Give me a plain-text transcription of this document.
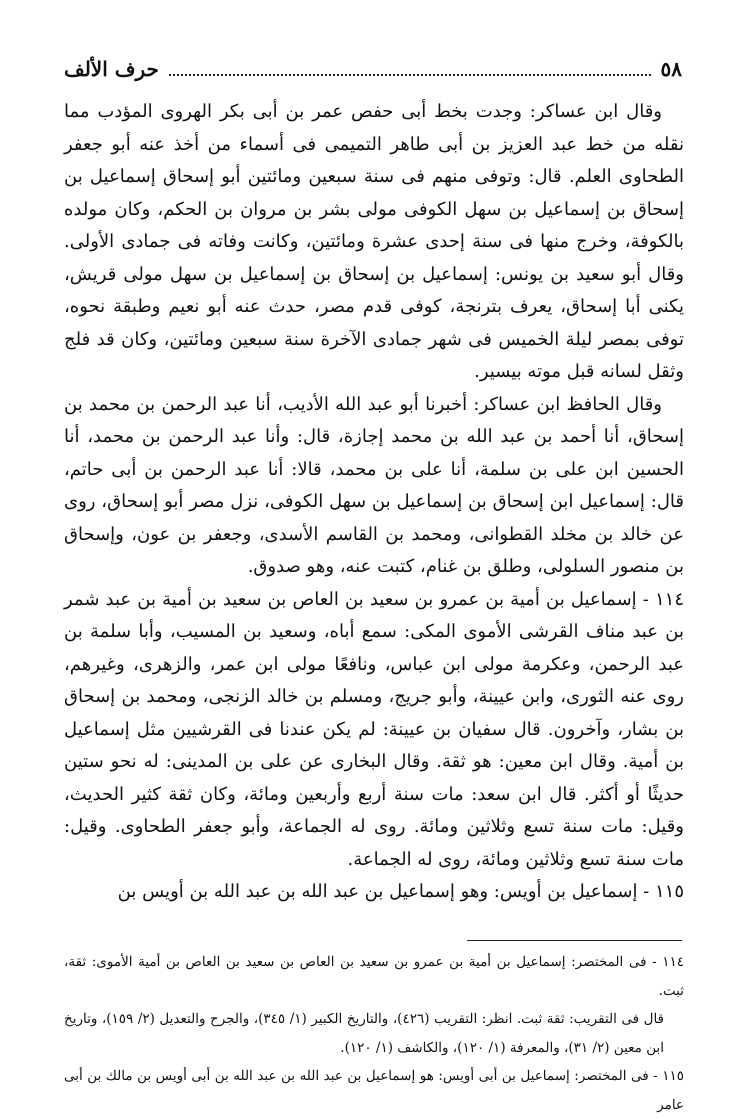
٥٨
حرف الألف

وقال ابن عساكر: وجدت بخط أبى حفص عمر بن أبى بكر الهروى المؤدب مما نقله من خط عبد العزيز بن أبى طاهر التميمى فى أسماء من أخذ عنه أبو جعفر الطحاوى العلم. قال: وتوفى منهم فى سنة سبعين ومائتين أبو إسحاق إسماعيل بن إسحاق بن إسماعيل بن سهل الكوفى مولى بشر بن مروان بن الحكم، وكان مولده بالكوفة، وخرج منها فى سنة إحدى عشرة ومائتين، وكانت وفاته فى جمادى الأولى. وقال أبو سعيد بن يونس: إسماعيل بن إسحاق بن إسماعيل بن سهل مولى قريش، يكنى أبا إسحاق، يعرف بترنجة، كوفى قدم مصر، حدث عنه أبو نعيم وطبقة نحوه، توفى بمصر ليلة الخميس فى شهر جمادى الآخرة سنة سبعين ومائتين، وكان قد فلج وثقل لسانه قبل موته بيسير.

وقال الحافظ ابن عساكر: أخبرنا أبو عبد الله الأديب، أنا عبد الرحمن بن محمد بن إسحاق، أنا أحمد بن عبد الله بن محمد إجازة، قال: وأنا عبد الرحمن بن محمد، أنا الحسين ابن على بن سلمة، أنا على بن محمد، قالا: أنا عبد الرحمن بن أبى حاتم، قال: إسماعيل ابن إسحاق بن إسماعيل بن سهل الكوفى، نزل مصر أبو إسحاق، روى عن خالد بن مخلد القطوانى، ومحمد بن القاسم الأسدى، وجعفر بن عون، وإسحاق بن منصور السلولى، وطلق بن غنام، كتبت عنه، وهو صدوق.

١١٤ - إسماعيل بن أمية بن عمرو بن سعيد بن العاص بن سعيد بن أمية بن عبد شمر بن عبد مناف القرشى الأموى المكى: سمع أباه، وسعيد بن المسيب، وأبا سلمة بن عبد الرحمن، وعكرمة مولى ابن عباس، ونافعًا مولى ابن عمر، والزهرى، وغيرهم، روى عنه الثورى، وابن عيينة، وأبو جريج، ومسلم بن خالد الزنجى، ومحمد بن إسحاق بن بشار، وآخرون. قال سفيان بن عيينة: لم يكن عندنا فى القرشيين مثل إسماعيل بن أمية. وقال ابن معين: هو ثقة. وقال البخارى عن على بن المدينى: له نحو ستين حديثًا أو أكثر. قال ابن سعد: مات سنة أربع وأربعين ومائة، وكان ثقة كثير الحديث، وقيل: مات سنة تسع وثلاثين ومائة. روى له الجماعة، وأبو جعفر الطحاوى. وقيل: مات سنة تسع وثلاثين ومائة، روى له الجماعة.

١١٥ - إسماعيل بن أويس: وهو إسماعيل بن عبد الله بن عبد الله بن أويس بن

١١٤ - فى المختصر: إسماعيل بن أمية بن عمرو بن سعيد بن العاص بن سعيد بن العاص بن أمية الأموى: ثقة، ثبت.

قال فى التقريب: ثقة ثبت. انظر: التقريب (٤٢٦)، والتاريخ الكبير (١/ ٣٤٥)، والجرح والتعديل (٢/ ١٥٩)، وتاريخ ابن معين (٢/ ٣١)، والمعرفة (١/ ١٢٠)، والكاشف (١/ ١٢٠).

١١٥ - فى المختصر: إسماعيل بن أبى أويس: هو إسماعيل بن عبد الله بن عبد الله بن أبى أويس بن مالك بن أبى عامر
